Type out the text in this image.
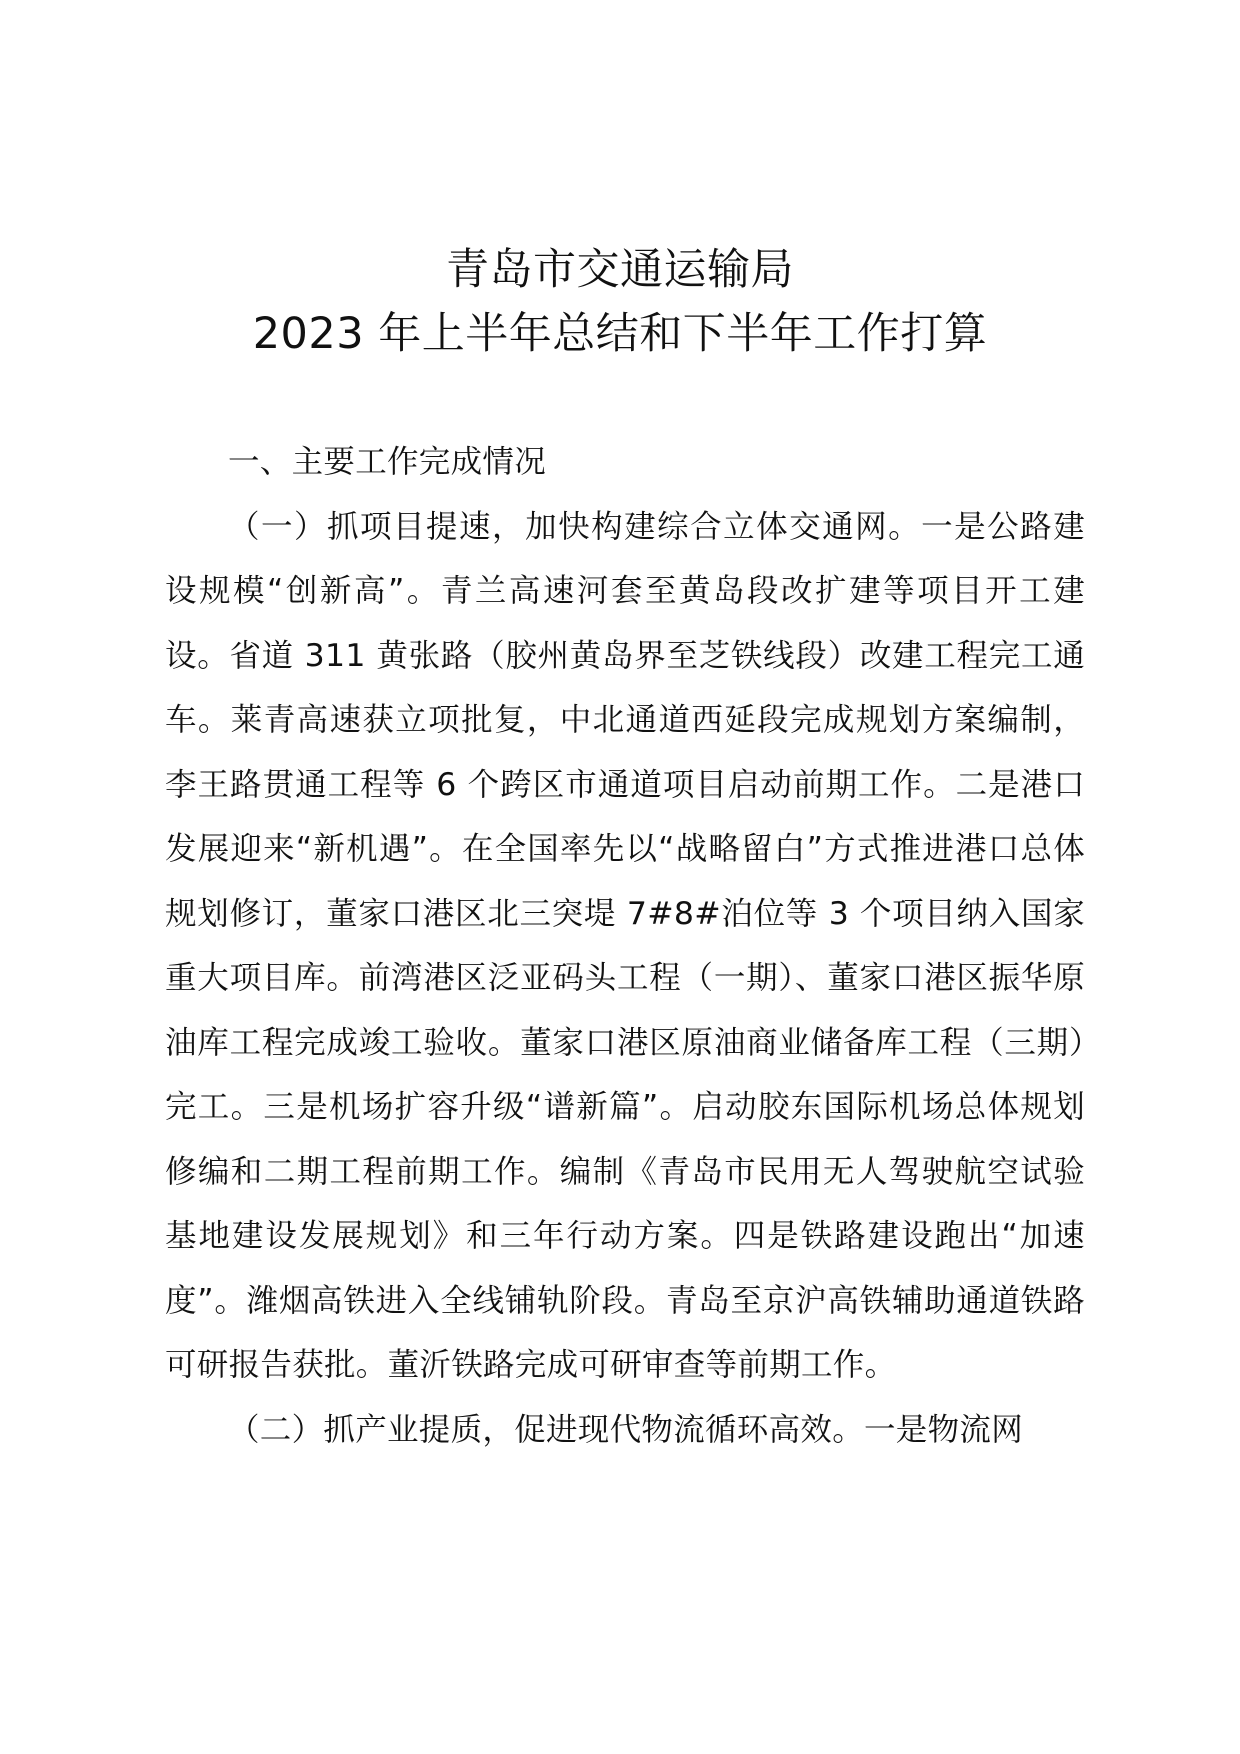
青岛市交通运输局
2023 年上半年总结和下半年工作打算

一、主要工作完成情况

（一）抓项目提速，加快构建综合立体交通网。一是公路建设规模“创新高”。青兰高速河套至黄岛段改扩建等项目开工建设。省道 311 黄张路（胶州黄岛界至芝铁线段）改建工程完工通车。莱青高速获立项批复，中北通道西延段完成规划方案编制，李王路贯通工程等 6 个跨区市通道项目启动前期工作。二是港口发展迎来“新机遇”。在全国率先以“战略留白”方式推进港口总体规划修订，董家口港区北三突堤 7#8#泊位等 3 个项目纳入国家重大项目库。前湾港区泛亚码头工程（一期）、董家口港区振华原油库工程完成竣工验收。董家口港区原油商业储备库工程（三期）完工。三是机场扩容升级“谱新篇”。启动胶东国际机场总体规划修编和二期工程前期工作。编制《青岛市民用无人驾驶航空试验基地建设发展规划》和三年行动方案。四是铁路建设跑出“加速度”。潍烟高铁进入全线铺轨阶段。青岛至京沪高铁辅助通道铁路可研报告获批。董沂铁路完成可研审查等前期工作。

（二）抓产业提质，促进现代物流循环高效。一是物流网
